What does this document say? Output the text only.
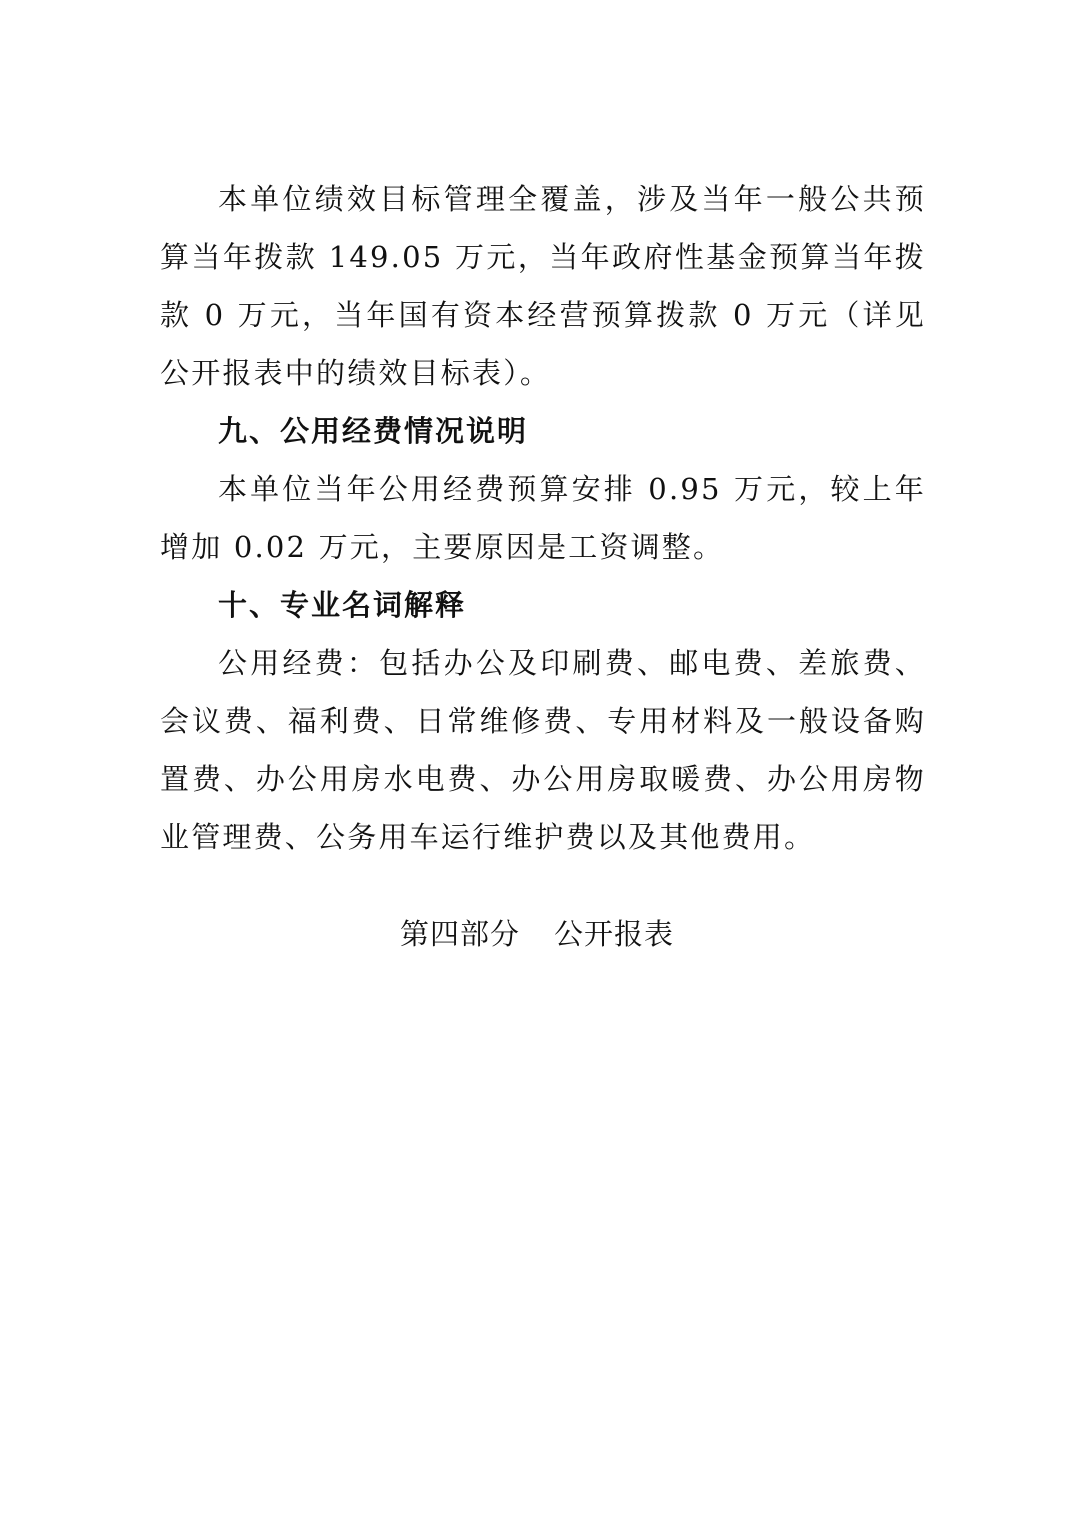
本单位绩效目标管理全覆盖，涉及当年一般公共预算当年拨款 149.05 万元，当年政府性基金预算当年拨款 0 万元，当年国有资本经营预算拨款 0 万元（详见公开报表中的绩效目标表）。

九、公用经费情况说明

本单位当年公用经费预算安排 0.95 万元，较上年增加 0.02 万元，主要原因是工资调整。

十、专业名词解释

公用经费：包括办公及印刷费、邮电费、差旅费、会议费、福利费、日常维修费、专用材料及一般设备购置费、办公用房水电费、办公用房取暖费、办公用房物业管理费、公务用车运行维护费以及其他费用。

第四部分 公开报表
